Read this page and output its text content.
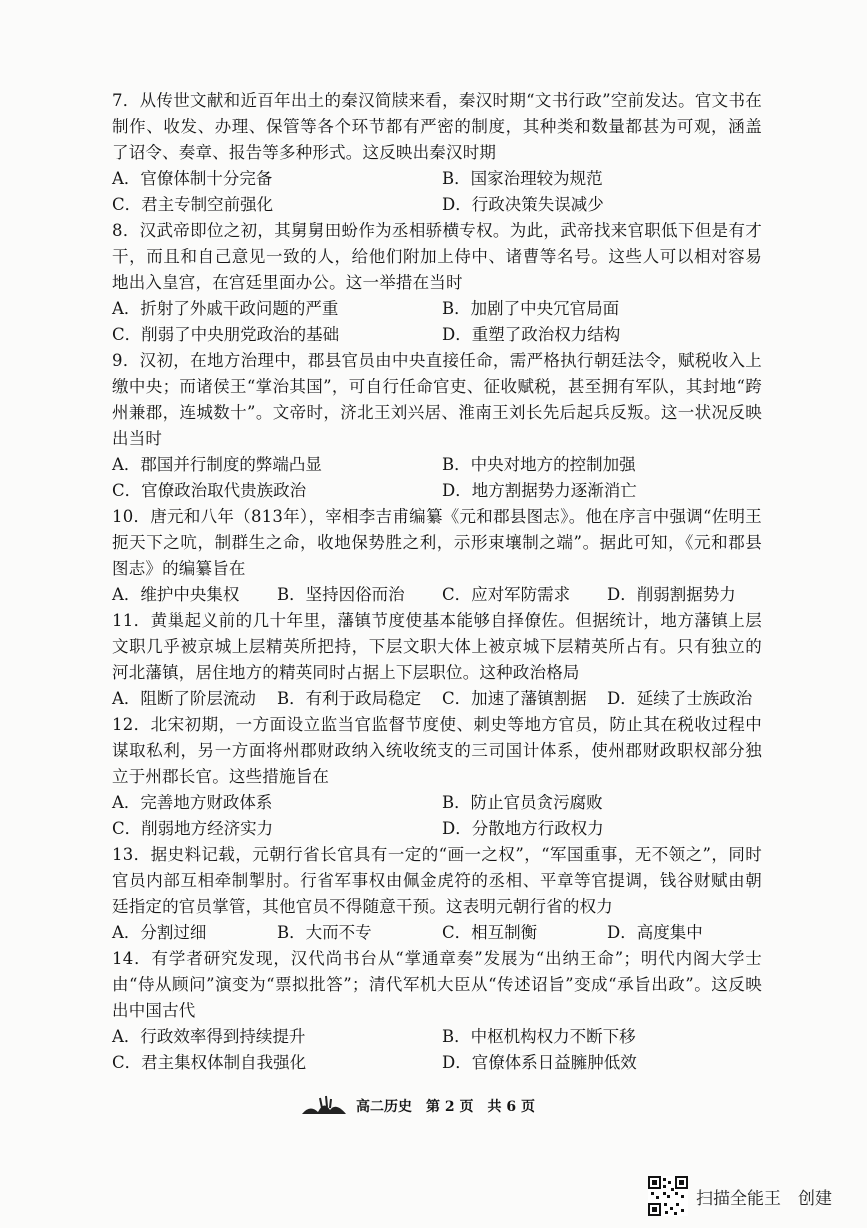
7．从传世文献和近百年出土的秦汉简牍来看，秦汉时期“文书行政”空前发达。官文书在制作、收发、办理、保管等各个环节都有严密的制度，其种类和数量都甚为可观，涵盖了诏令、奏章、报告等多种形式。这反映出秦汉时期
A．官僚体制十分完备	B．国家治理较为规范
C．君主专制空前强化	D．行政决策失误减少
8．汉武帝即位之初，其舅舅田蚡作为丞相骄横专权。为此，武帝找来官职低下但是有才干，而且和自己意见一致的人，给他们附加上侍中、诸曹等名号。这些人可以相对容易地出入皇宫，在宫廷里面办公。这一举措在当时
A．折射了外戚干政问题的严重	B．加剧了中央冗官局面
C．削弱了中央朋党政治的基础	D．重塑了政治权力结构
9．汉初，在地方治理中，郡县官员由中央直接任命，需严格执行朝廷法令，赋税收入上缴中央；而诸侯王“掌治其国”，可自行任命官吏、征收赋税，甚至拥有军队，其封地“跨州兼郡，连城数十”。文帝时，济北王刘兴居、淮南王刘长先后起兵反叛。这一状况反映出当时
A．郡国并行制度的弊端凸显	B．中央对地方的控制加强
C．官僚政治取代贵族政治	D．地方割据势力逐渐消亡
10．唐元和八年（813年），宰相李吉甫编纂《元和郡县图志》。他在序言中强调“佐明王扼天下之吭，制群生之命，收地保势胜之利，示形束壤制之端”。据此可知，《元和郡县图志》的编纂旨在
A．维护中央集权	B．坚持因俗而治	C．应对军防需求	D．削弱割据势力
11．黄巢起义前的几十年里，藩镇节度使基本能够自择僚佐。但据统计，地方藩镇上层文职几乎被京城上层精英所把持，下层文职大体上被京城下层精英所占有。只有独立的河北藩镇，居住地方的精英同时占据上下层职位。这种政治格局
A．阻断了阶层流动	B．有利于政局稳定	C．加速了藩镇割据	D．延续了士族政治
12．北宋初期，一方面设立监当官监督节度使、刺史等地方官员，防止其在税收过程中谋取私利，另一方面将州郡财政纳入统收统支的三司国计体系，使州郡财政职权部分独立于州郡长官。这些措施旨在
A．完善地方财政体系	B．防止官员贪污腐败
C．削弱地方经济实力	D．分散地方行政权力
13．据史料记载，元朝行省长官具有一定的“画一之权”，“军国重事，无不领之”，同时官员内部互相牵制掣肘。行省军事权由佩金虎符的丞相、平章等官提调，钱谷财赋由朝廷指定的官员掌管，其他官员不得随意干预。这表明元朝行省的权力
A．分割过细	B．大而不专	C．相互制衡	D．高度集中
14．有学者研究发现，汉代尚书台从“掌通章奏”发展为“出纳王命”；明代内阁大学士由“侍从顾问”演变为“票拟批答”；清代军机大臣从“传述诏旨”变成“承旨出政”。这反映出中国古代
A．行政效率得到持续提升	B．中枢机构权力不断下移
C．君主集权体制自我强化	D．官僚体系日益臃肿低效
高二历史　第 2 页　共 6 页
扫描全能王　创建
